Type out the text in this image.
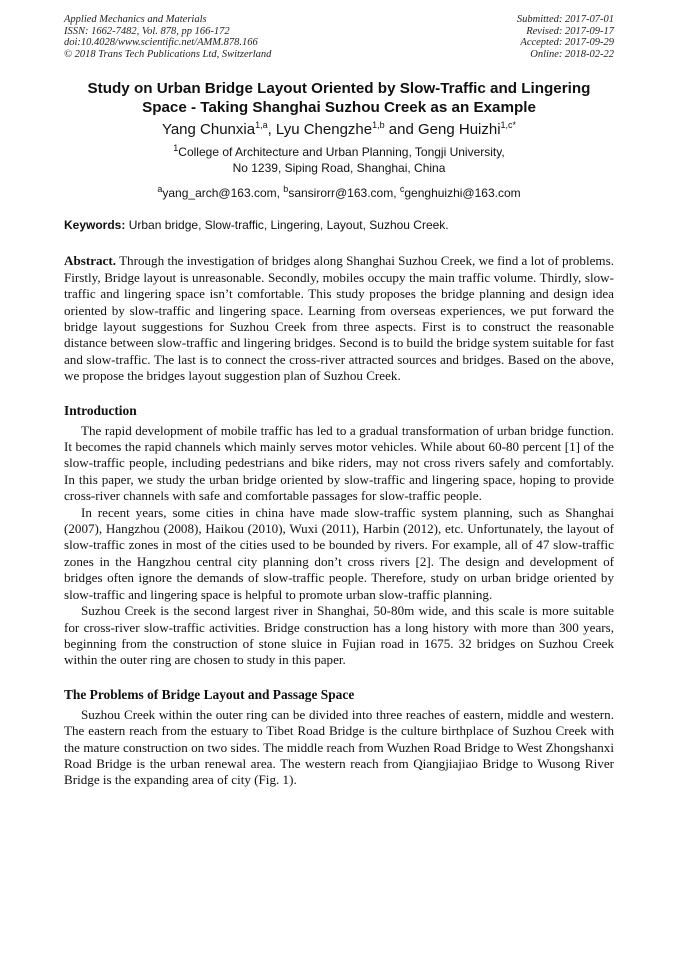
Applied Mechanics and Materials
ISSN: 1662-7482, Vol. 878, pp 166-172
doi:10.4028/www.scientific.net/AMM.878.166
© 2018 Trans Tech Publications Ltd, Switzerland
Submitted: 2017-07-01
Revised: 2017-09-17
Accepted: 2017-09-29
Online: 2018-02-22
Study on Urban Bridge Layout Oriented by Slow-Traffic and Lingering Space - Taking Shanghai Suzhou Creek as an Example
Yang Chunxia$^{1,a}$, Lyu Chengzhe$^{1,b}$ and Geng Huizhi$^{1,c*}$
$^1$College of Architecture and Urban Planning, Tongji University,
No 1239, Siping Road, Shanghai, China
$^a$yang_arch@163.com, $^b$sansirorr@163.com, $^c$genghuizhi@163.com
Keywords: Urban bridge, Slow-traffic, Lingering, Layout, Suzhou Creek.
Abstract. Through the investigation of bridges along Shanghai Suzhou Creek, we find a lot of problems. Firstly, Bridge layout is unreasonable. Secondly, mobiles occupy the main traffic volume. Thirdly, slow-traffic and lingering space isn’t comfortable. This study proposes the bridge planning and design idea oriented by slow-traffic and lingering space. Learning from overseas experiences, we put forward the bridge layout suggestions for Suzhou Creek from three aspects. First is to construct the reasonable distance between slow-traffic and lingering bridges. Second is to build the bridge system suitable for fast and slow-traffic. The last is to connect the cross-river attracted sources and bridges. Based on the above, we propose the bridges layout suggestion plan of Suzhou Creek.
Introduction
The rapid development of mobile traffic has led to a gradual transformation of urban bridge function. It becomes the rapid channels which mainly serves motor vehicles. While about 60-80 percent [1] of the slow-traffic people, including pedestrians and bike riders, may not cross rivers safely and comfortably. In this paper, we study the urban bridge oriented by slow-traffic and lingering space, hoping to provide cross-river channels with safe and comfortable passages for slow-traffic people.
In recent years, some cities in china have made slow-traffic system planning, such as Shanghai (2007), Hangzhou (2008), Haikou (2010), Wuxi (2011), Harbin (2012), etc. Unfortunately, the layout of slow-traffic zones in most of the cities used to be bounded by rivers. For example, all of 47 slow-traffic zones in the Hangzhou central city planning don’t cross rivers [2]. The design and development of bridges often ignore the demands of slow-traffic people. Therefore, study on urban bridge oriented by slow-traffic and lingering space is helpful to promote urban slow-traffic planning.
Suzhou Creek is the second largest river in Shanghai, 50-80m wide, and this scale is more suitable for cross-river slow-traffic activities. Bridge construction has a long history with more than 300 years, beginning from the construction of stone sluice in Fujian road in 1675. 32 bridges on Suzhou Creek within the outer ring are chosen to study in this paper.
The Problems of Bridge Layout and Passage Space
Suzhou Creek within the outer ring can be divided into three reaches of eastern, middle and western. The eastern reach from the estuary to Tibet Road Bridge is the culture birthplace of Suzhou Creek with the mature construction on two sides. The middle reach from Wuzhen Road Bridge to West Zhongshanxi Road Bridge is the urban renewal area. The western reach from Qiangjiajiao Bridge to Wusong River Bridge is the expanding area of city (Fig. 1).
